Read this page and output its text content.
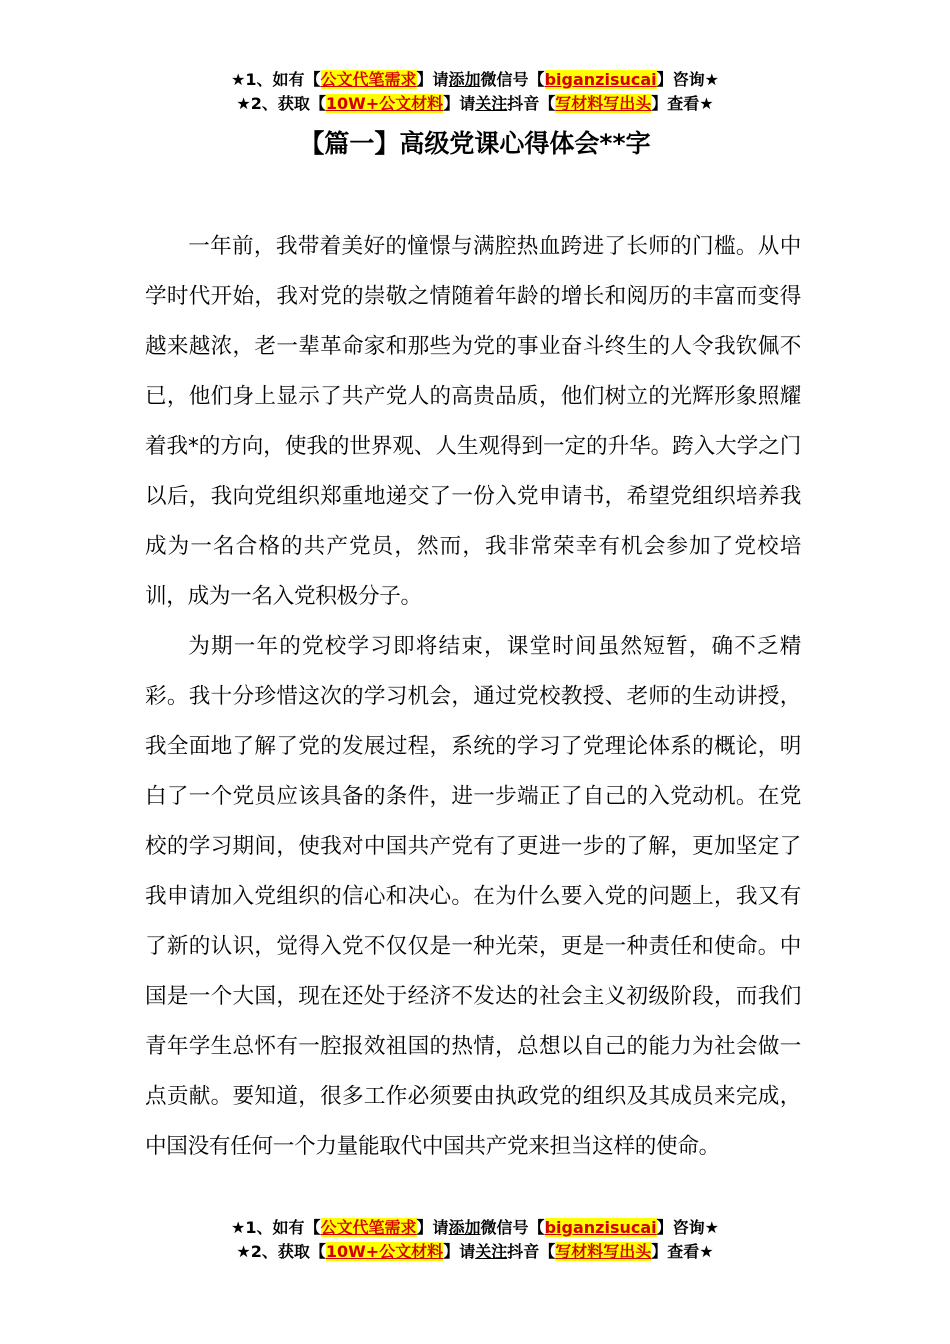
★1、如有【公文代笔需求】请添加微信号【biganzisucai】咨询★
★2、获取【10W+公文材料】请关注抖音【写材料写出头】查看★
【篇一】高级党课心得体会**字

一年前，我带着美好的憧憬与满腔热血跨进了长师的门槛。从中学时代开始，我对党的崇敬之情随着年龄的增长和阅历的丰富而变得越来越浓，老一辈革命家和那些为党的事业奋斗终生的人令我钦佩不已，他们身上显示了共产党人的高贵品质，他们树立的光辉形象照耀着我*的方向，使我的世界观、人生观得到一定的升华。跨入大学之门以后，我向党组织郑重地递交了一份入党申请书，希望党组织培养我成为一名合格的共产党员，然而，我非常荣幸有机会参加了党校培训，成为一名入党积极分子。

为期一年的党校学习即将结束，课堂时间虽然短暂，确不乏精彩。我十分珍惜这次的学习机会，通过党校教授、老师的生动讲授，我全面地了解了党的发展过程，系统的学习了党理论体系的概论，明白了一个党员应该具备的条件，进一步端正了自己的入党动机。在党校的学习期间，使我对中国共产党有了更进一步的了解，更加坚定了我申请加入党组织的信心和决心。在为什么要入党的问题上，我又有了新的认识，觉得入党不仅仅是一种光荣，更是一种责任和使命。中国是一个大国，现在还处于经济不发达的社会主义初级阶段，而我们青年学生总怀有一腔报效祖国的热情，总想以自己的能力为社会做一点贡献。要知道，很多工作必须要由执政党的组织及其成员来完成，中国没有任何一个力量能取代中国共产党来担当这样的使命。

★1、如有【公文代笔需求】请添加微信号【biganzisucai】咨询★
★2、获取【10W+公文材料】请关注抖音【写材料写出头】查看★
